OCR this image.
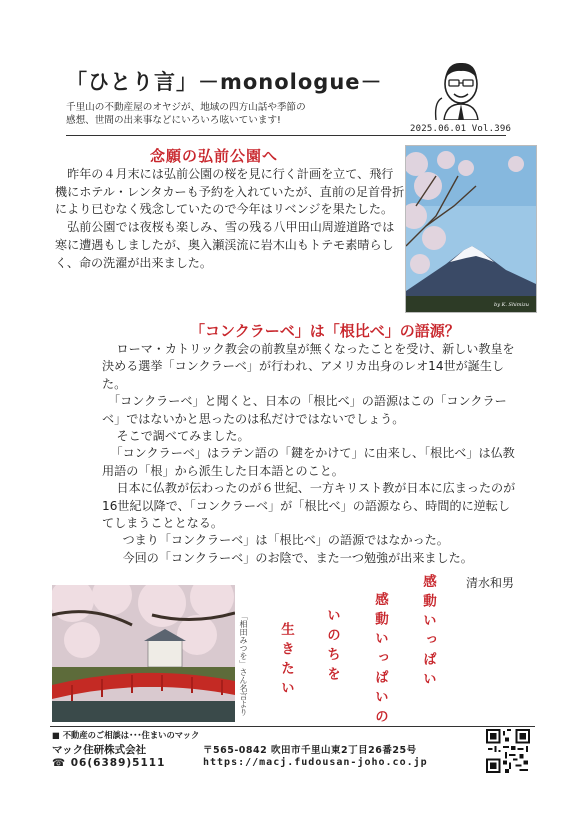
「ひとり言」－monologue－
千里山の不動産屋のオヤジが、地域の四方山話や季節の
感想、世間の出来事などにいろいろ呟いています!
2025.06.01 Vol.396
念願の弘前公園へ

昨年の４月末には弘前公園の桜を見に行く計画を立て、飛行機にホテル・レンタカーも予約を入れていたが、直前の足首骨折により已むなく残念していたので今年はリベンジを果たした。

弘前公園では夜桜も楽しみ、雪の残る八甲田山周遊道路では寒に遭遇もしましたが、奥入瀬渓流に岩木山もトテモ素晴らしく、命の洗濯が出来ました。

by K. Shimizu
「コンクラーベ」は「根比べ」の語源？

ローマ・カトリック教会の前教皇が無くなったことを受け、新しい教皇を決める選挙「コンクラーベ」が行われ、アメリカ出身のレオ14世が誕生した。

「コンクラーベ」と聞くと、日本の「根比べ」の語源はこの「コンクラーベ」ではないかと思ったのは私だけではないでしょう。

そこで調べてみました。

「コンクラーベ」はラテン語の「鍵をかけて」に由来し、「根比べ」は仏教用語の「根」から派生した日本語とのこと。

日本に仏教が伝わったのが６世紀、一方キリスト教が日本に広まったのが16世紀以降で、「コンクラーベ」が「根比べ」の語源なら、時間的に逆転してしまうこととなる。

つまり「コンクラーベ」は「根比べ」の語源ではなかった。

今回の「コンクラーベ」のお陰で、また一つ勉強が出来ました。

清水和男
「相田みつを」さん名言より	感動いっぱい
感動いっぱいの
いのちを
生きたい
■ 不動産のご相談は･･･住まいのマック
マック住研株式会社
☎ 06(6389)5111
〒565-0842 吹田市千里山東2丁目26番25号
https://macj.fudousan-joho.co.jp
